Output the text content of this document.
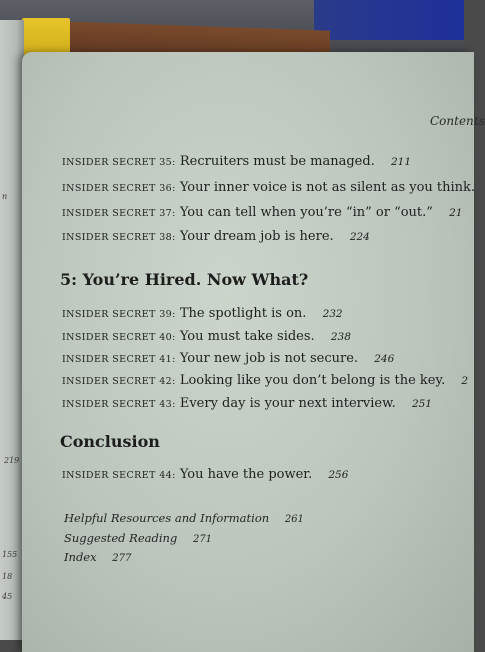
n
219
155
18
45
Contents
INSIDER SECRET 35: Recruiters must be managed. 211
INSIDER SECRET 36: Your inner voice is not as silent as you think.
INSIDER SECRET 37: You can tell when you’re “in” or “out.” 21
INSIDER SECRET 38: Your dream job is here. 224
5: You’re Hired. Now What?
INSIDER SECRET 39: The spotlight is on. 232
INSIDER SECRET 40: You must take sides. 238
INSIDER SECRET 41: Your new job is not secure. 246
INSIDER SECRET 42: Looking like you don’t belong is the key. 2
INSIDER SECRET 43: Every day is your next interview. 251
Conclusion
INSIDER SECRET 44: You have the power. 256
Helpful Resources and Information 261
Suggested Reading 271
Index 277
